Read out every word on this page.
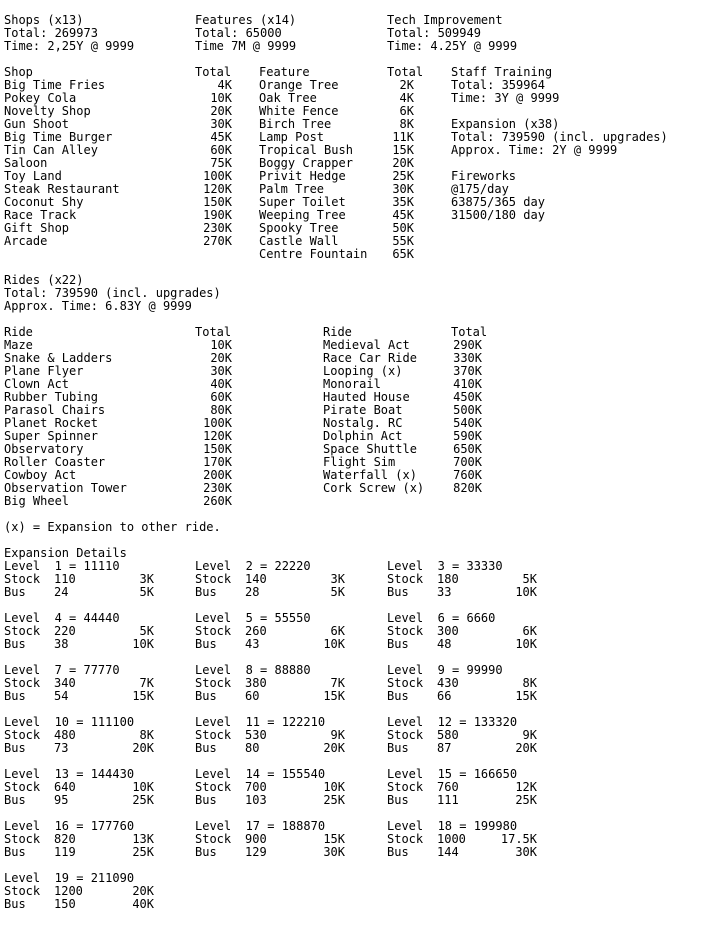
Shops (x13)
Total: 269973
Time: 2,25Y @ 9999
Features (x14)
Total: 65000
Time 7M @ 9999
Tech Improvement
Total: 509949
Time: 4.25Y @ 9999
Shop	Total
Big Time Fries	4K
Pokey Cola	10K
Novelty Shop	20K
Gun Shoot	30K
Big Time Burger	45K
Tin Can Alley	60K
Saloon	75K
Toy Land	100K
Steak Restaurant	120K
Coconut Shy	150K
Race Track	190K
Gift Shop	230K
Arcade	270K
Feature	Total
Orange Tree	2K
Oak Tree	4K
White Fence	6K
Birch Tree	8K
Lamp Post	11K
Tropical Bush	15K
Boggy Crapper	20K
Privit Hedge	25K
Palm Tree	30K
Super Toilet	35K
Weeping Tree	45K
Spooky Tree	50K
Castle Wall	55K
Centre Fountain	65K
Staff Training
Total: 359964
Time: 3Y @ 9999
Expansion (x38)
Total: 739590 (incl. upgrades)
Approx. Time: 2Y @ 9999
Fireworks
@175/day
63875/365 day
31500/180 day
Rides (x22)
Total: 739590 (incl. upgrades)
Approx. Time: 6.83Y @ 9999
Ride	Total
Maze	10K
Snake & Ladders	20K
Plane Flyer	30K
Clown Act	40K
Rubber Tubing	60K
Parasol Chairs	80K
Planet Rocket	100K
Super Spinner	120K
Observatory	150K
Roller Coaster	170K
Cowboy Act	200K
Observation Tower	230K
Big Wheel	260K
Ride	Total
Medieval Act	290K
Race Car Ride	330K
Looping (x)	370K
Monorail	410K
Hauted House	450K
Pirate Boat	500K
Nostalg. RC	540K
Dolphin Act	590K
Space Shuttle	650K
Flight Sim	700K
Waterfall (x)	760K
Cork Screw (x)	820K
(x) = Expansion to other ride.
Expansion Details
Level  1 = 11110
Stock 110	3K
Bus 24	5K
Level  2 = 22220
Stock 140	3K
Bus 28	5K
Level  3 = 33330
Stock 180	5K
Bus 33	10K
Level  4 = 44440
Stock 220	5K
Bus 38	10K
Level  5 = 55550
Stock 260	6K
Bus 43	10K
Level  6 = 6660
Stock 300	6K
Bus 48	10K
Level  7 = 77770
Stock 340	7K
Bus 54	15K
Level  8 = 88880
Stock 380	7K
Bus 60	15K
Level  9 = 99990
Stock 430	8K
Bus 66	15K
Level  10 = 111100
Stock 480	8K
Bus 73	20K
Level  11 = 122210
Stock 530	9K
Bus 80	20K
Level  12 = 133320
Stock 580	9K
Bus 87	20K
Level  13 = 144430
Stock 640	10K
Bus 95	25K
Level  14 = 155540
Stock 700	10K
Bus 103	25K
Level  15 = 166650
Stock 760	12K
Bus 111	25K
Level  16 = 177760
Stock 820	13K
Bus 119	25K
Level  17 = 188870
Stock 900	15K
Bus 129	30K
Level  18 = 199980
Stock 1000	17.5K
Bus 144	30K
Level  19 = 211090
Stock 1200	20K
Bus 150	40K
